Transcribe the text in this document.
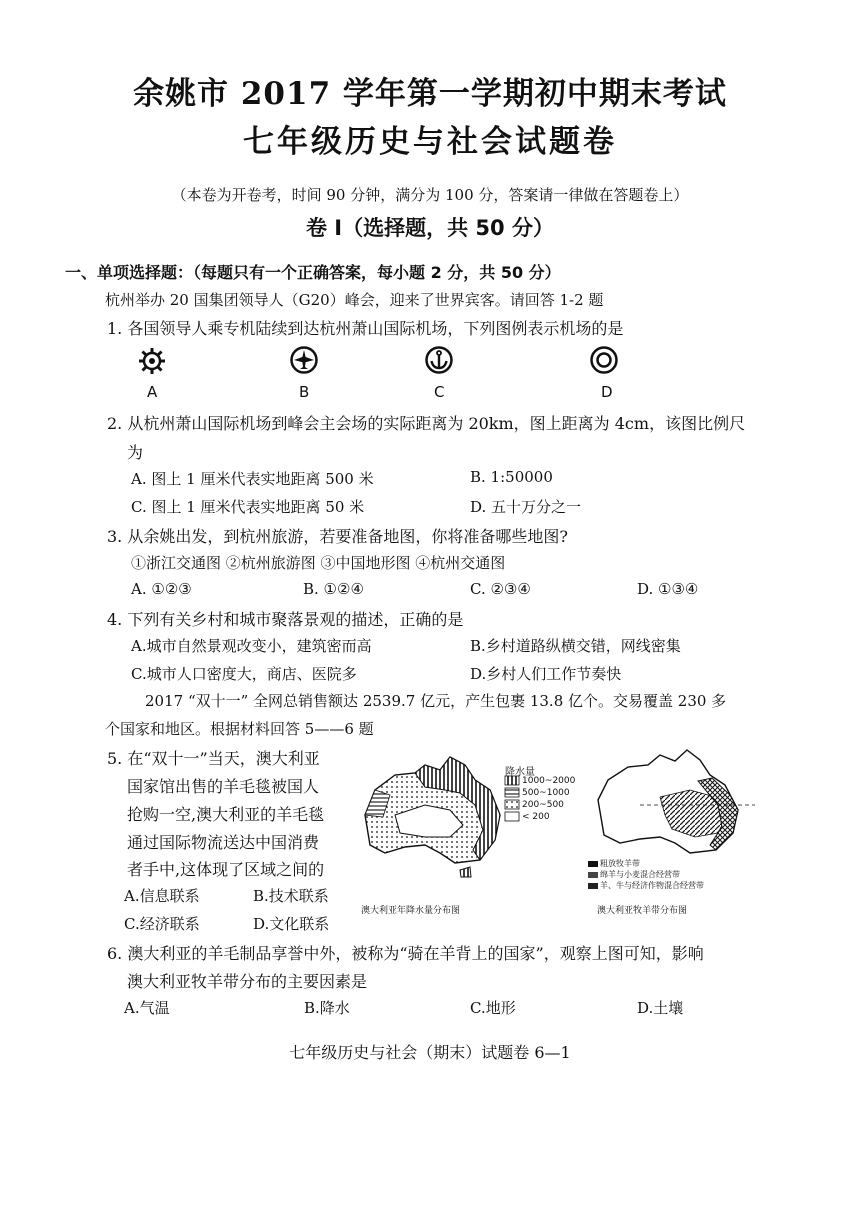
余姚市 2017 学年第一学期初中期末考试
七年级历史与社会试题卷
（本卷为开卷考，时间 90 分钟，满分为 100 分，答案请一律做在答题卷上）
卷 I（选择题，共 50 分）
一、单项选择题：（每题只有一个正确答案，每小题 2 分，共 50 分）
杭州举办 20 国集团领导人（G20）峰会，迎来了世界宾客。请回答 1-2 题
1. 各国领导人乘专机陆续到达杭州萧山国际机场，下列图例表示机场的是
A	B	C	D
2. 从杭州萧山国际机场到峰会主会场的实际距离为 20km，图上距离为 4cm，该图比例尺
为
A. 图上 1 厘米代表实地距离 500 米	B. 1:50000
C. 图上 1 厘米代表实地距离 50 米	D. 五十万分之一
3. 从余姚出发，到杭州旅游，若要准备地图，你将准备哪些地图?
①浙江交通图 ②杭州旅游图 ③中国地形图 ④杭州交通图
A. ①②③	B. ①②④	C. ②③④	D. ①③④
4. 下列有关乡村和城市聚落景观的描述，正确的是
A.城市自然景观改变小，建筑密而高	B.乡村道路纵横交错，网线密集
C.城市人口密度大，商店、医院多	D.乡村人们工作节奏快
2017 “双十一” 全网总销售额达 2539.7 亿元，产生包裹 13.8 亿个。交易覆盖 230 多
个国家和地区。根据材料回答 5——6 题
5. 在“双十一”当天，澳大利亚
国家馆出售的羊毛毯被国人
抢购一空,澳大利亚的羊毛毯
通过国际物流送达中国消费
者手中,这体现了区域之间的
A.信息联系	B.技术联系
C.经济联系	D.文化联系
降水量
1000~2000
500~1000
200~500
< 200
澳大利亚年降水量分布图
粗放牧羊带
绵羊与小麦混合经营带
羊、牛与经济作物混合经营带
澳大利亚牧羊带分布图
6. 澳大利亚的羊毛制品享誉中外，被称为“骑在羊背上的国家”，观察上图可知，影响
澳大利亚牧羊带分布的主要因素是
A.气温	B.降水	C.地形	D.土壤
七年级历史与社会（期末）试题卷 6—1
